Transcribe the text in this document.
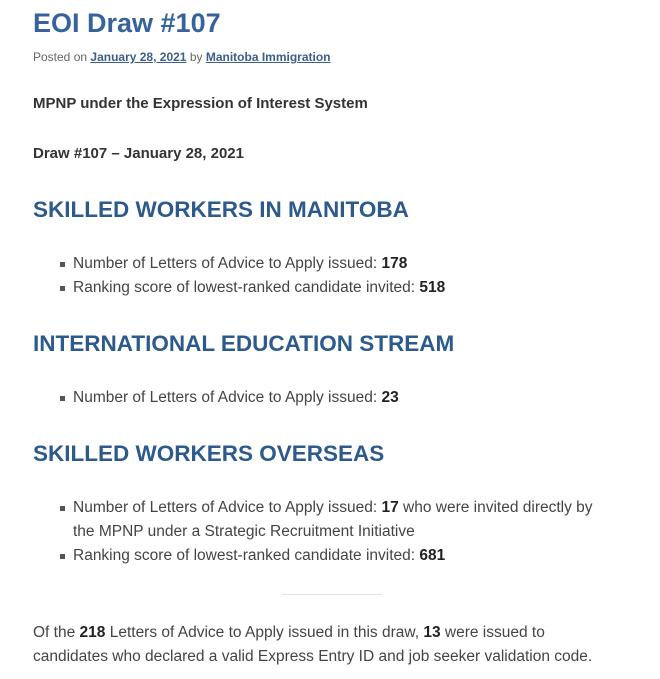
EOI Draw #107
Posted on January 28, 2021 by Manitoba Immigration
MPNP under the Expression of Interest System
Draw #107 – January 28, 2021
SKILLED WORKERS IN MANITOBA
Number of Letters of Advice to Apply issued: 178
Ranking score of lowest-ranked candidate invited: 518
INTERNATIONAL EDUCATION STREAM
Number of Letters of Advice to Apply issued: 23
SKILLED WORKERS OVERSEAS
Number of Letters of Advice to Apply issued: 17 who were invited directly by
the MPNP under a Strategic Recruitment Initiative
Ranking score of lowest-ranked candidate invited: 681
Of the 218 Letters of Advice to Apply issued in this draw, 13 were issued to
candidates who declared a valid Express Entry ID and job seeker validation code.
